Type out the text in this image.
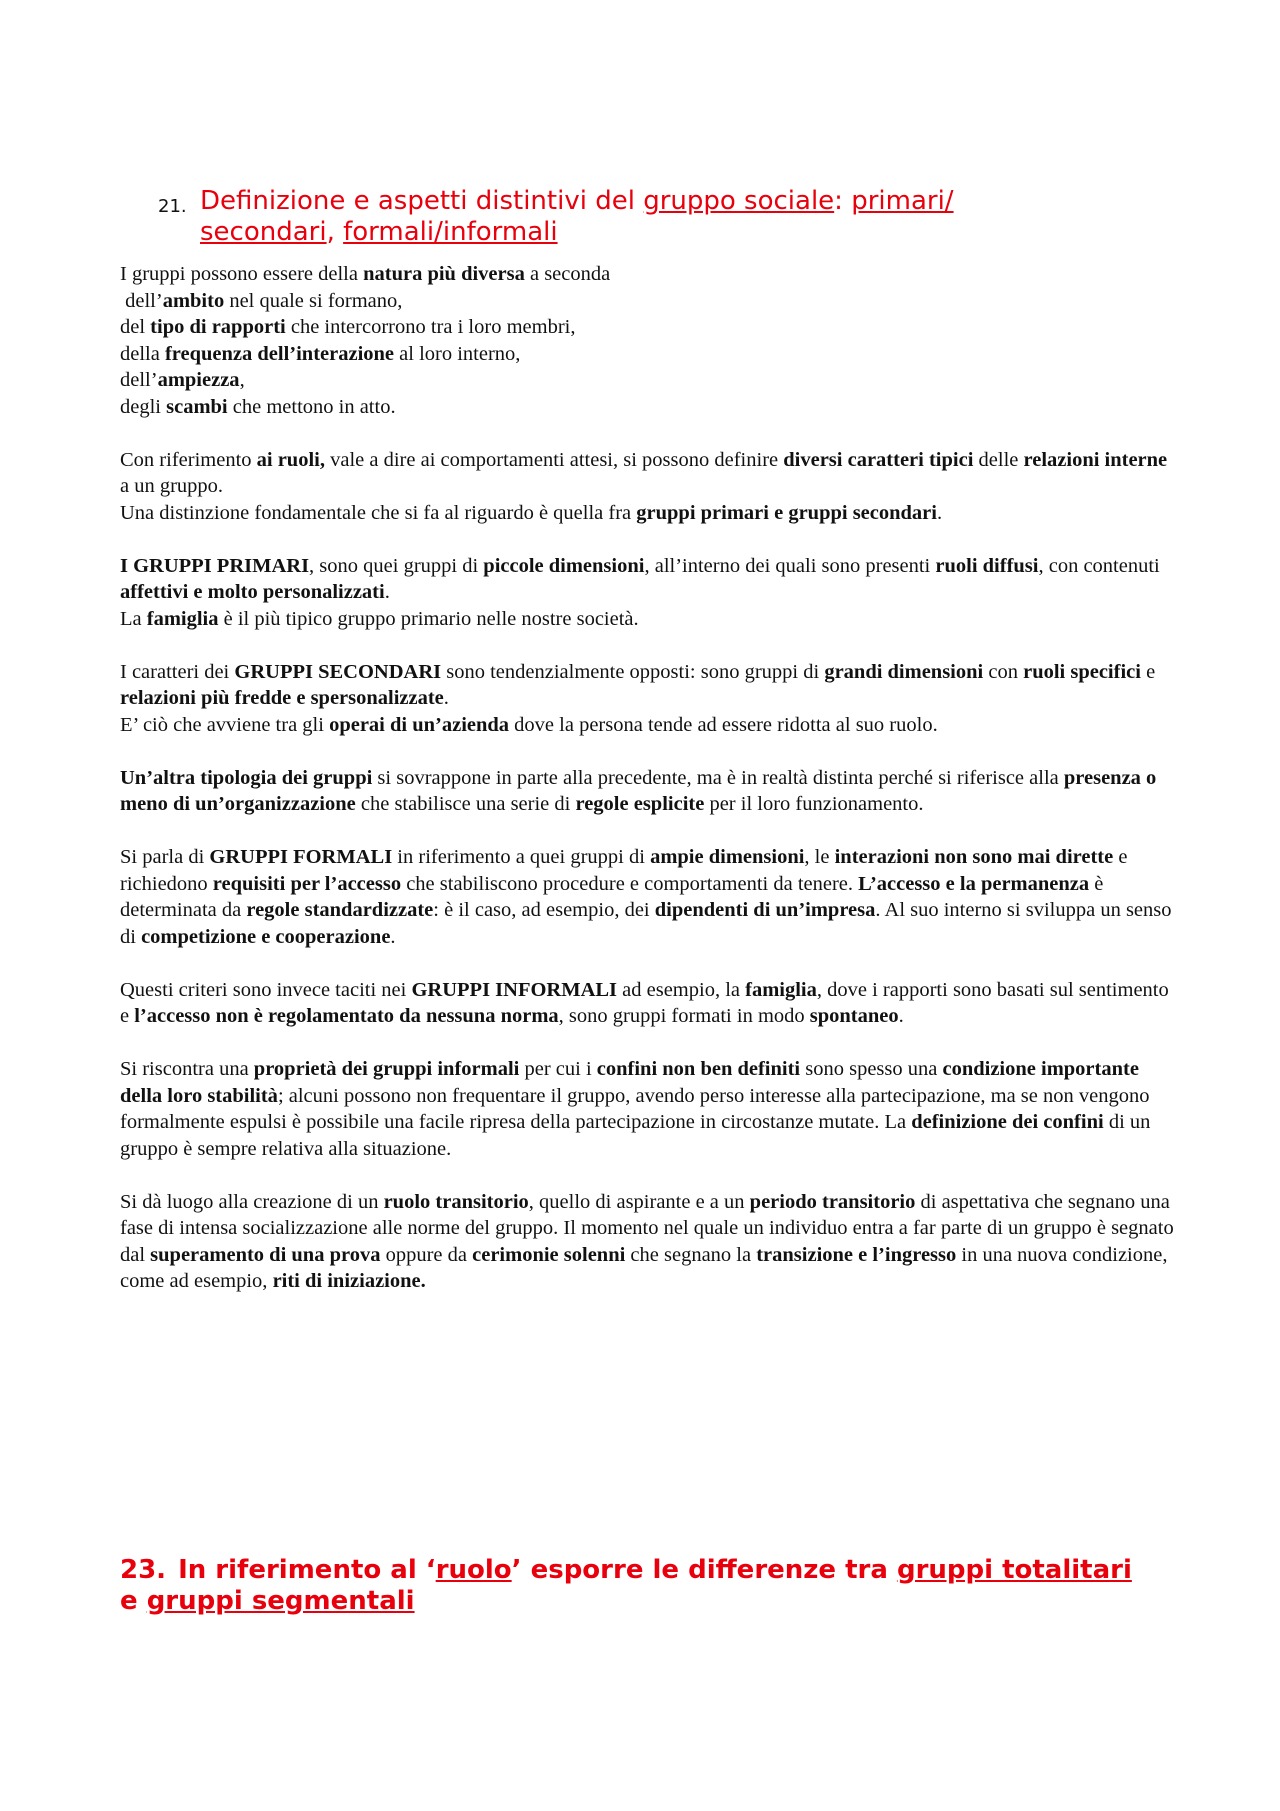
21. Definizione e aspetti distintivi del gruppo sociale: primari/
secondari, formali/informali

I gruppi possono essere della natura più diversa a seconda
dell’ambito nel quale si formano,
del tipo di rapporti che intercorrono tra i loro membri,
della frequenza dell’interazione al loro interno,
dell’ampiezza,
degli scambi che mettono in atto.

Con riferimento ai ruoli, vale a dire ai comportamenti attesi, si possono definire diversi caratteri tipici delle relazioni interne a un gruppo.
Una distinzione fondamentale che si fa al riguardo è quella fra gruppi primari e gruppi secondari.

I GRUPPI PRIMARI, sono quei gruppi di piccole dimensioni, all’interno dei quali sono presenti ruoli diffusi, con contenuti affettivi e molto personalizzati.
La famiglia è il più tipico gruppo primario nelle nostre società.

I caratteri dei GRUPPI SECONDARI sono tendenzialmente opposti: sono gruppi di grandi dimensioni con ruoli specifici e relazioni più fredde e spersonalizzate.
E’ ciò che avviene tra gli operai di un’azienda dove la persona tende ad essere ridotta al suo ruolo.

Un’altra tipologia dei gruppi si sovrappone in parte alla precedente, ma è in realtà distinta perché si riferisce alla presenza o meno di un’organizzazione che stabilisce una serie di regole esplicite per il loro funzionamento.

Si parla di GRUPPI FORMALI in riferimento a quei gruppi di ampie dimensioni, le interazioni non sono mai dirette e richiedono requisiti per l’accesso che stabiliscono procedure e comportamenti da tenere. L’accesso e la permanenza è determinata da regole standardizzate: è il caso, ad esempio, dei dipendenti di un’impresa. Al suo interno si sviluppa un senso di competizione e cooperazione.

Questi criteri sono invece taciti nei GRUPPI INFORMALI ad esempio, la famiglia, dove i rapporti sono basati sul sentimento e l’accesso non è regolamentato da nessuna norma, sono gruppi formati in modo spontaneo.

Si riscontra una proprietà dei gruppi informali per cui i confini non ben definiti sono spesso una condizione importante della loro stabilità; alcuni possono non frequentare il gruppo, avendo perso interesse alla partecipazione, ma se non vengono formalmente espulsi è possibile una facile ripresa della partecipazione in circostanze mutate. La definizione dei confini di un gruppo è sempre relativa alla situazione.

Si dà luogo alla creazione di un ruolo transitorio, quello di aspirante e a un periodo transitorio di aspettativa che segnano una fase di intensa socializzazione alle norme del gruppo. Il momento nel quale un individuo entra a far parte di un gruppo è segnato dal superamento di una prova oppure da cerimonie solenni che segnano la transizione e l’ingresso in una nuova condizione, come ad esempio, riti di iniziazione.

23. In riferimento al ‘ruolo’ esporre le differenze tra gruppi totalitari
e gruppi segmentali
